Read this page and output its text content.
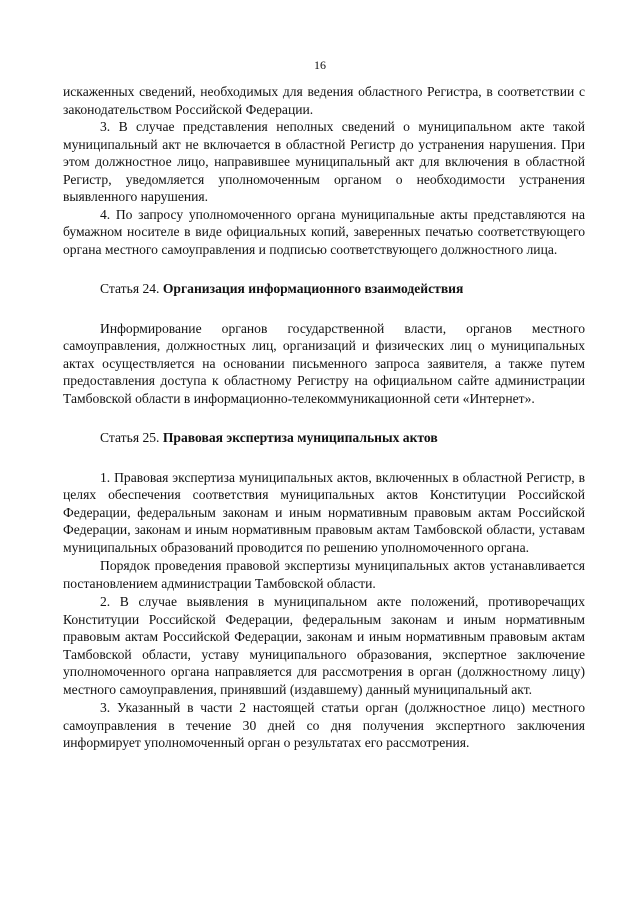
16

искаженных сведений, необходимых для ведения областного Регистра, в соответствии с законодательством Российской Федерации.

3. В случае представления неполных сведений о муниципальном акте такой муниципальный акт не включается в областной Регистр до устранения нарушения. При этом должностное лицо, направившее муниципальный акт для включения в областной Регистр, уведомляется уполномоченным органом о необходимости устранения выявленного нарушения.

4. По запросу уполномоченного органа муниципальные акты представляются на бумажном носителе в виде официальных копий, заверенных печатью соответствующего органа местного самоуправления и подписью соответствующего должностного лица.

Статья 24. Организация информационного взаимодействия

Информирование органов государственной власти, органов местного самоуправления, должностных лиц, организаций и физических лиц о муниципальных актах осуществляется на основании письменного запроса заявителя, а также путем предоставления доступа к областному Регистру на официальном сайте администрации Тамбовской области в информационно-телекоммуникационной сети «Интернет».

Статья 25. Правовая экспертиза муниципальных актов

1. Правовая экспертиза муниципальных актов, включенных в областной Регистр, в целях обеспечения соответствия муниципальных актов Конституции Российской Федерации, федеральным законам и иным нормативным правовым актам Российской Федерации, законам и иным нормативным правовым актам Тамбовской области, уставам муниципальных образований проводится по решению уполномоченного органа.

Порядок проведения правовой экспертизы муниципальных актов устанавливается постановлением администрации Тамбовской области.

2. В случае выявления в муниципальном акте положений, противоречащих Конституции Российской Федерации, федеральным законам и иным нормативным правовым актам Российской Федерации, законам и иным нормативным правовым актам Тамбовской области, уставу муниципального образования, экспертное заключение уполномоченного органа направляется для рассмотрения в орган (должностному лицу) местного самоуправления, принявший (издавшему) данный муниципальный акт.

3. Указанный в части 2 настоящей статьи орган (должностное лицо) местного самоуправления в течение 30 дней со дня получения экспертного заключения информирует уполномоченный орган о результатах его рассмотрения.
